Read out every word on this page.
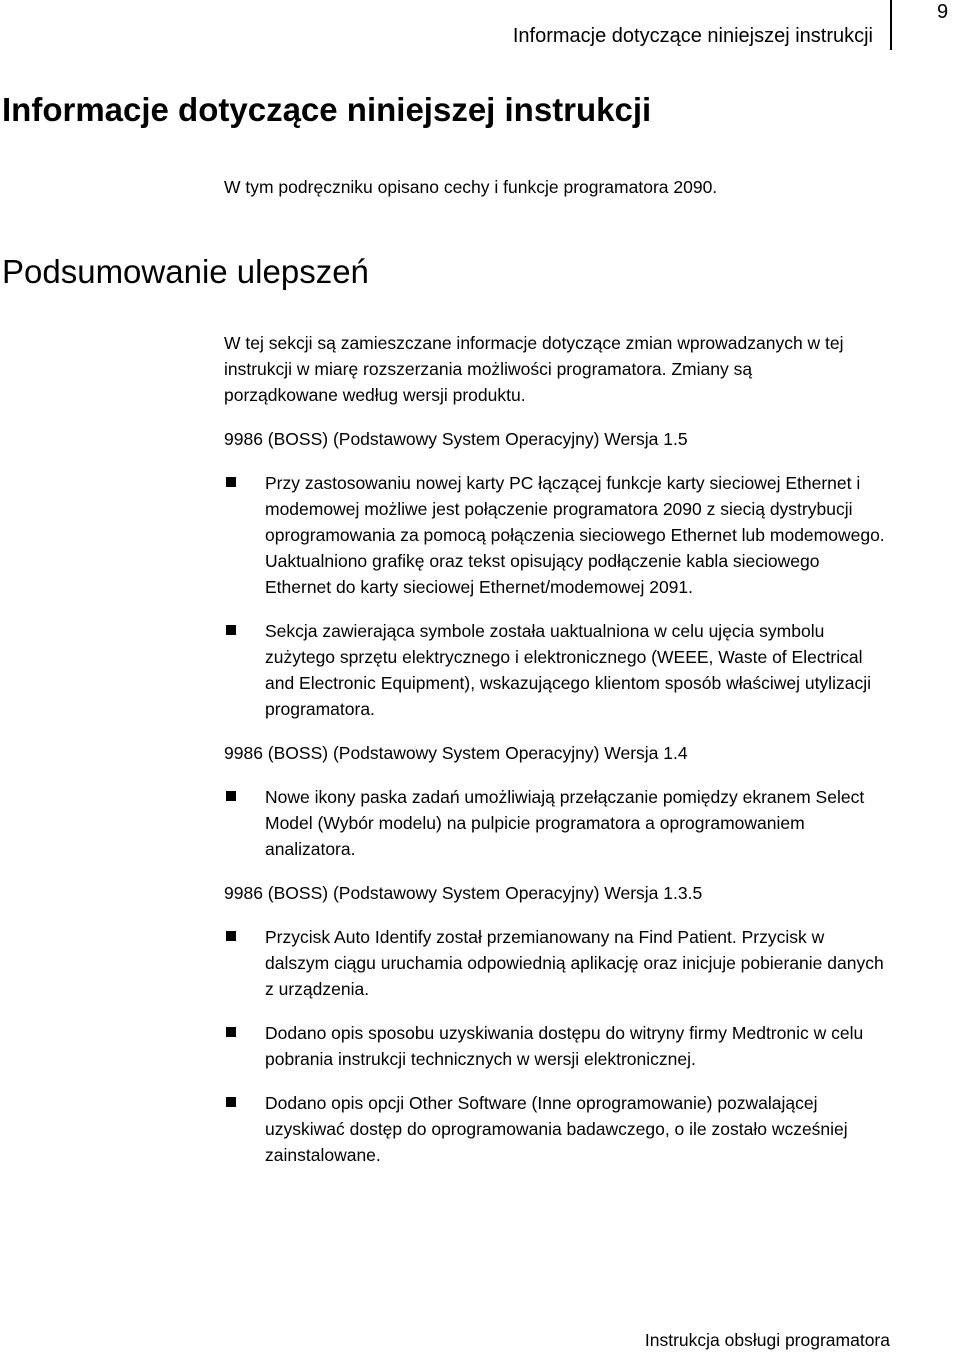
Informacje dotyczące niniejszej instrukcji
9
Informacje dotyczące niniejszej instrukcji

W tym podręczniku opisano cechy i funkcje programatora 2090.

Podsumowanie ulepszeń

W tej sekcji są zamieszczane informacje dotyczące zmian wprowadzanych w tej instrukcji w miarę rozszerzania możliwości programatora. Zmiany są porządkowane według wersji produktu.

9986 (BOSS) (Podstawowy System Operacyjny) Wersja 1.5

Przy zastosowaniu nowej karty PC łączącej funkcje karty sieciowej Ethernet i modemowej możliwe jest połączenie programatora 2090 z siecią dystrybucji oprogramowania za pomocą połączenia sieciowego Ethernet lub modemowego. Uaktualniono grafikę oraz tekst opisujący podłączenie kabla sieciowego Ethernet do karty sieciowej Ethernet/modemowej 2091.
Sekcja zawierająca symbole została uaktualniona w celu ujęcia symbolu zużytego sprzętu elektrycznego i elektronicznego (WEEE, Waste of Electrical and Electronic Equipment), wskazującego klientom sposób właściwej utylizacji programatora.

9986 (BOSS) (Podstawowy System Operacyjny) Wersja 1.4

Nowe ikony paska zadań umożliwiają przełączanie pomiędzy ekranem Select Model (Wybór modelu) na pulpicie programatora a oprogramowaniem analizatora.

9986 (BOSS) (Podstawowy System Operacyjny) Wersja 1.3.5

Przycisk Auto Identify został przemianowany na Find Patient. Przycisk w dalszym ciągu uruchamia odpowiednią aplikację oraz inicjuje pobieranie danych z urządzenia.
Dodano opis sposobu uzyskiwania dostępu do witryny firmy Medtronic w celu pobrania instrukcji technicznych w wersji elektronicznej.
Dodano opis opcji Other Software (Inne oprogramowanie) pozwalającej uzyskiwać dostęp do oprogramowania badawczego, o ile zostało wcześniej zainstalowane.
Instrukcja obsługi programatora
